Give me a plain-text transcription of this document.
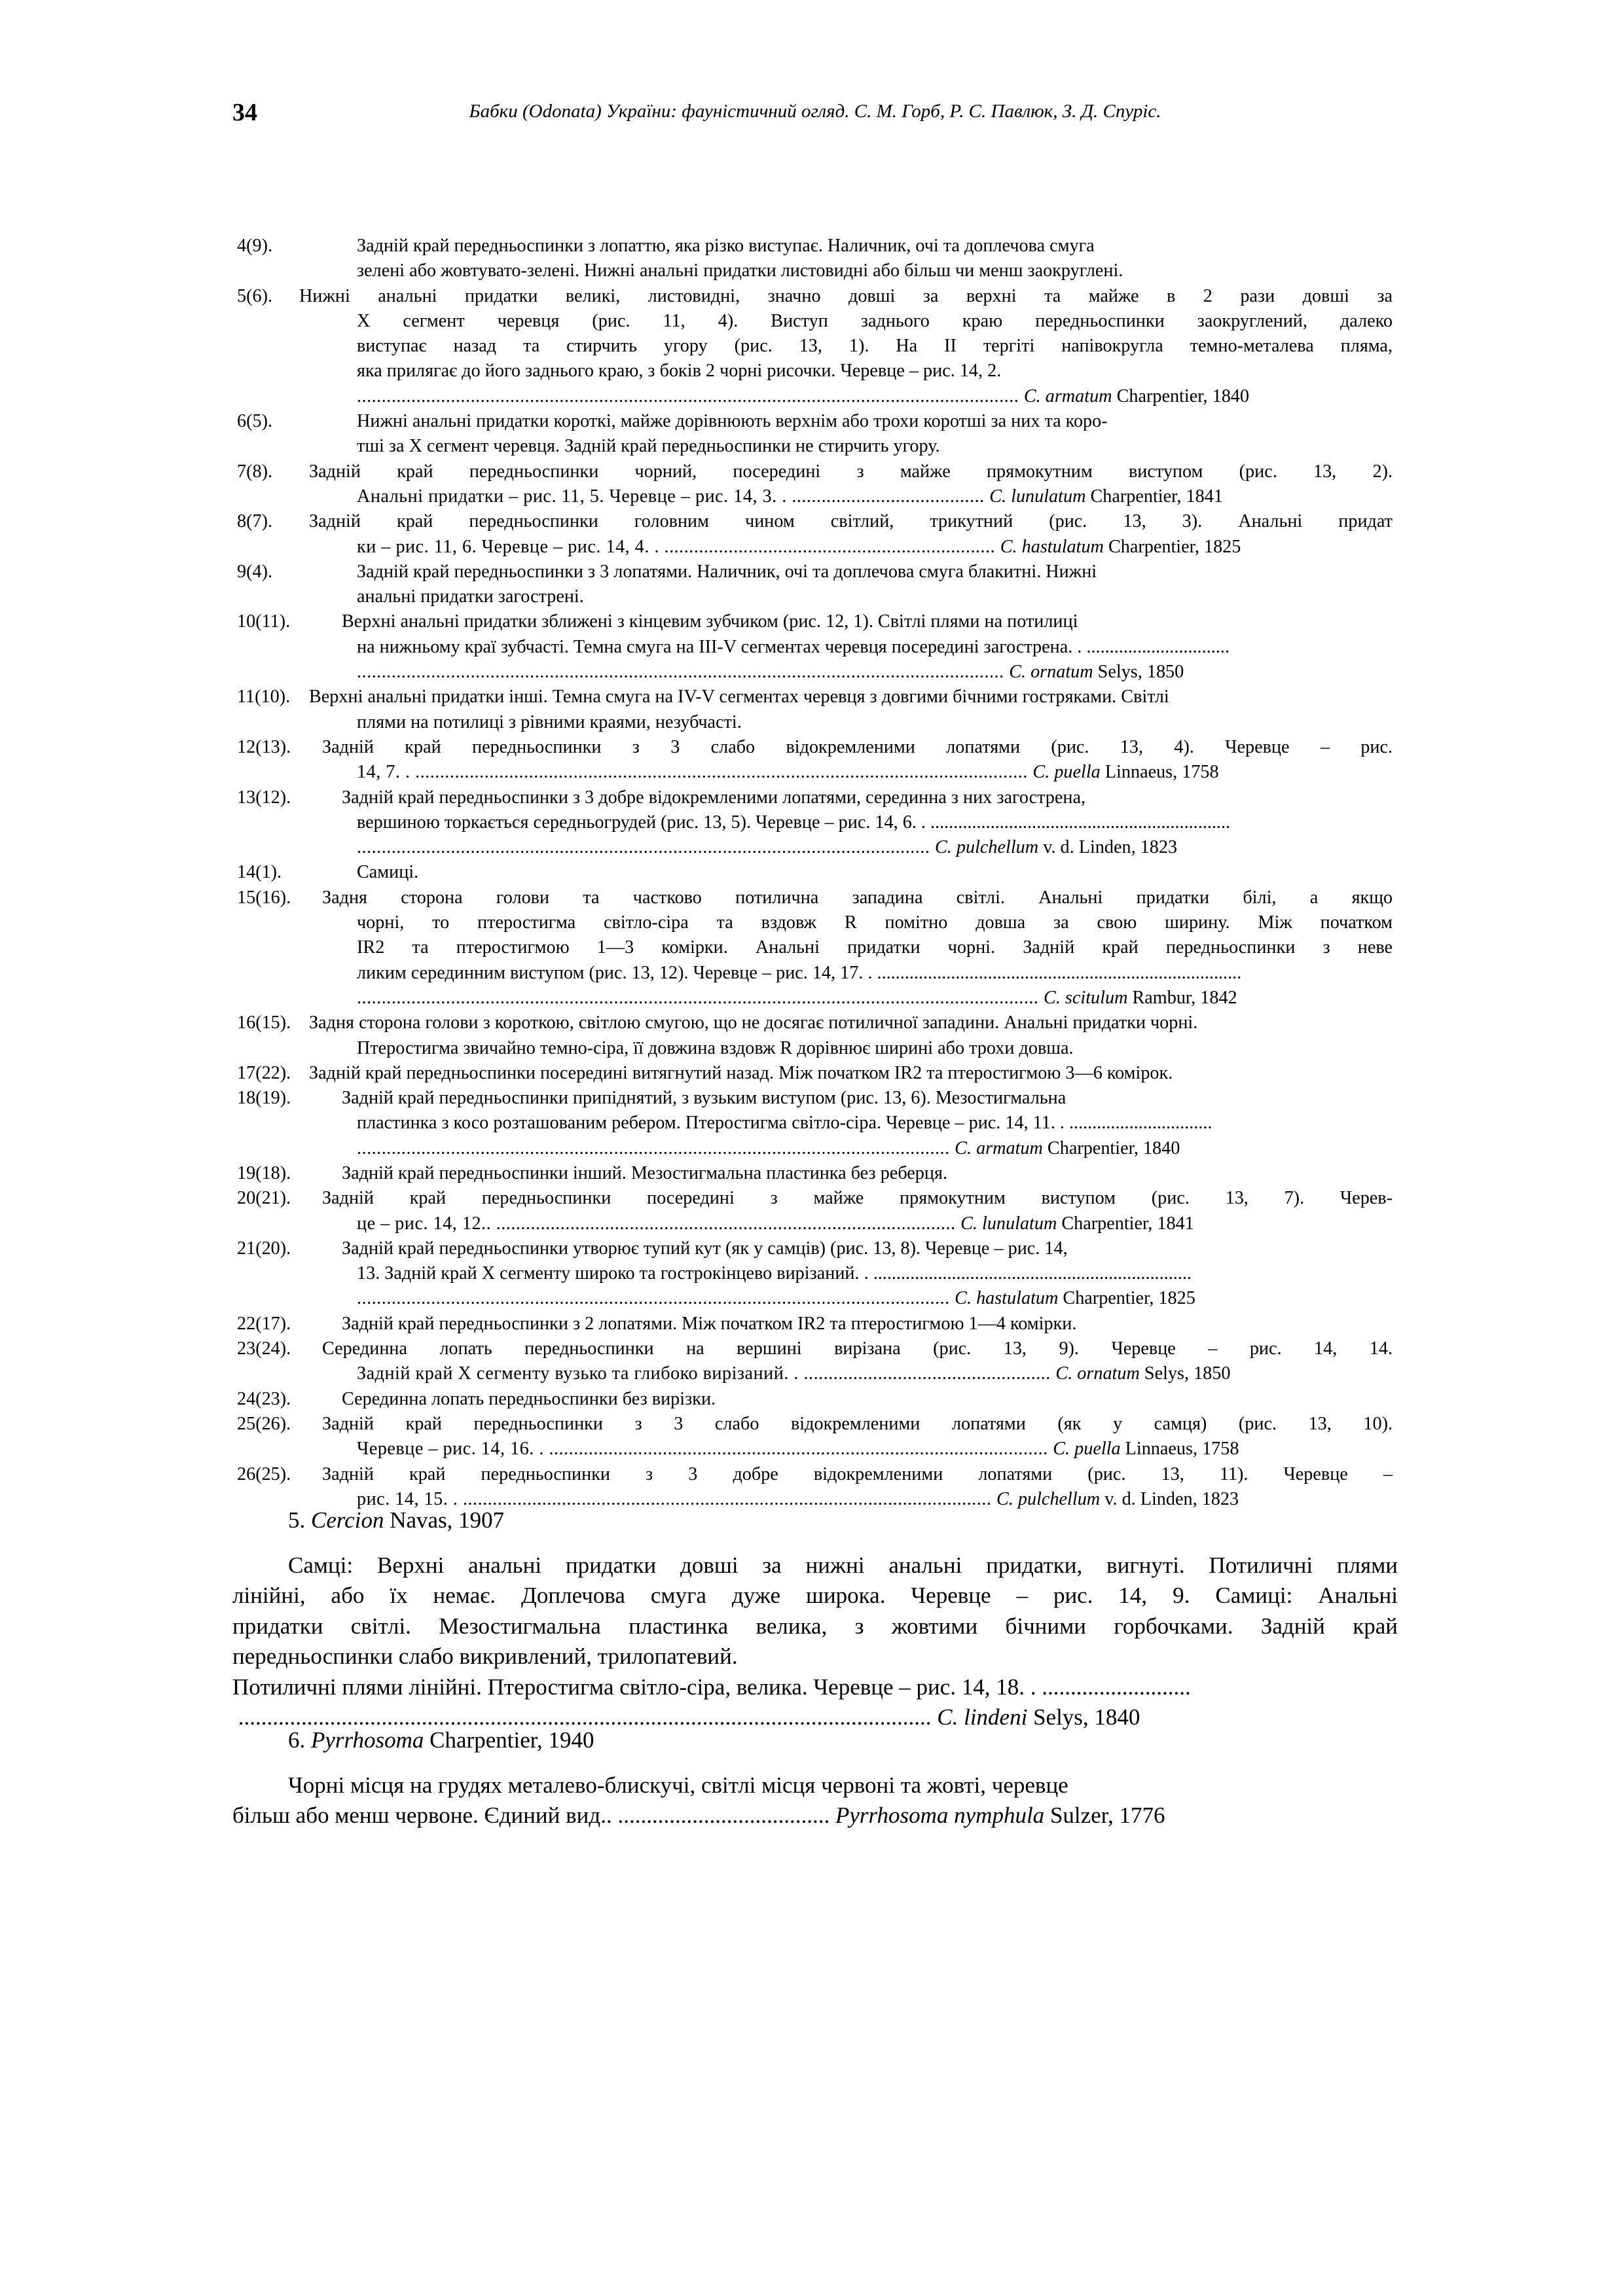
34	Бабки (Odonata) України: фауністичний огляд. С. М. Горб, Р. С. Павлюк, З. Д. Спуріс.
4(9).	Задній край передньоспинки з лопаттю, яка різко виступає. Наличник, очі та доплечова смуга
зелені або жовтувато-зелені. Нижні анальні придатки листовидні або більш чи менш заокруглені.
5(6).	Нижні анальні придатки великі, листовидні, значно довші за верхні та майже в 2 рази довші за
X сегмент черевця (рис. 11, 4). Виступ заднього краю передньоспинки заокруглений, далеко
виступає назад та стирчить угору (рис. 13, 1). На II тергіті напівокругла темно-металева пляма,
яка прилягає до його заднього краю, з боків 2 чорні рисочки. Черевце – рис. 14, 2.
...................................................................................................................................... C. armatum Charpentier, 1840
6(5).	Нижні анальні придатки короткі, майже дорівнюють верхнім або трохи коротші за них та коро-
тші за X сегмент черевця. Задній край передньоспинки не стирчить угору.
7(8).	Задній край передньоспинки чорний, посередині з майже прямокутним виступом (рис. 13, 2).
Анальні придатки – рис. 11, 5. Черевце – рис. 14, 3. . ....................................... C. lunulatum Charpentier, 1841
8(7).	Задній край передньоспинки головним чином світлий, трикутний (рис. 13, 3). Анальні придат
ки – рис. 11, 6. Черевце – рис. 14, 4. . ................................................................... C. hastulatum Charpentier, 1825
9(4).	Задній край передньоспинки з 3 лопатями. Наличник, очі та доплечова смуга блакитні. Нижні
анальні придатки загострені.
10(11).	Верхні анальні придатки зближені з кінцевим зубчиком (рис. 12, 1). Світлі плями на потилиці
на нижньому краї зубчасті. Темна смуга на III-V сегментах черевця посередині загострена. . ...............................
................................................................................................................................... C. ornatum Selys, 1850
11(10).	Верхні анальні придатки інші. Темна смуга на IV-V сегментах черевця з довгими бічними гостряками. Світлі
плями на потилиці з рівними краями, незубчасті.
12(13).	Задній край передньоспинки з 3 слабо відокремленими лопатями (рис. 13, 4). Черевце – рис.
14, 7. . ............................................................................................................................ C. puella Linnaeus, 1758
13(12).	Задній край передньоспинки з 3 добре відокремленими лопатями, серединна з них загострена,
вершиною торкається середньогрудей (рис. 13, 5). Черевце – рис. 14, 6. . .................................................................
.................................................................................................................... C. pulchellum v. d. Linden, 1823
14(1).	Самиці.
15(16).	Задня сторона голови та частково потилична западина світлі. Анальні придатки білі, а якщо
чорні, то птеростигма світло-сіра та вздовж R помітно довша за свою ширину. Між початком
IR2 та птеростигмою 1—3 комірки. Анальні придатки чорні. Задній край передньоспинки з неве
ликим серединним виступом (рис. 13, 12). Черевце – рис. 14, 17. . ...............................................................................
.......................................................................................................................................... C. scitulum Rambur, 1842
16(15). Задня сторона голови з короткою, світлою смугою, що не досягає потиличної западини. Анальні придатки чорні.
Птеростигма звичайно темно-сіра, її довжина вздовж R дорівнює ширині або трохи довша.
17(22). Задній край передньоспинки посередині витягнутий назад. Між початком IR2 та птеростигмою 3—6 комірок.
18(19).	Задній край передньоспинки припіднятий, з вузьким виступом (рис. 13, 6). Мезостигмальна
пластинка з косо розташованим ребером. Птеростигма світло-сіра. Черевце – рис. 14, 11. . ...............................
........................................................................................................................ C. armatum Charpentier, 1840
19(18).	Задній край передньоспинки інший. Мезостигмальна пластинка без реберця.
20(21).	Задній край передньоспинки посередині з майже прямокутним виступом (рис. 13, 7). Черев-
це – рис. 14, 12.. ............................................................................................. C. lunulatum Charpentier, 1841
21(20).	Задній край передньоспинки утворює тупий кут (як у самців) (рис. 13, 8). Черевце – рис. 14,
13. Задній край X сегменту широко та гострокінцево вирізаний. . .....................................................................
........................................................................................................................ C. hastulatum Charpentier, 1825
22(17).	Задній край передньоспинки з 2 лопатями. Між початком IR2 та птеростигмою 1—4 комірки.
23(24).	Серединна лопать передньоспинки на вершині вирізана (рис. 13, 9). Черевце – рис. 14, 14.
Задній край X сегменту вузько та глибоко вирізаний. . .................................................. C. ornatum Selys, 1850
24(23).	Серединна лопать передньоспинки без вирізки.
25(26).	Задній край передньоспинки з 3 слабо відокремленими лопатями (як у самця) (рис. 13, 10).
Черевце – рис. 14, 16. . ..................................................................................................... C. puella Linnaeus, 1758
26(25).	Задній край передньоспинки з 3 добре відокремленими лопатями (рис. 13, 11). Черевце –
рис. 14, 15. . ........................................................................................................... C. pulchellum v. d. Linden, 1823
5. Cercion Navas, 1907
Самці: Верхні анальні придатки довші за нижні анальні придатки, вигнуті. Потиличні плями
лінійні, або їх немає. Доплечова смуга дуже широка. Черевце – рис. 14, 9. Самиці: Анальні
придатки світлі. Мезостигмальна пластинка велика, з жовтими бічними горбочками. Задній край
передньоспинки слабо викривлений, трилопатевий.
Потиличні плями лінійні. Птеростигма світло-сіра, велика. Черевце – рис. 14, 18. . ..........................
......................................................................................................................... C. lindeni Selys, 1840
6. Pyrrhosoma Charpentier, 1940
Чорні місця на грудях металево-блискучі, світлі місця червоні та жовті, черевце
більш або менш червоне. Єдиний вид.. ..................................... Pyrrhosoma nymphula Sulzer, 1776
